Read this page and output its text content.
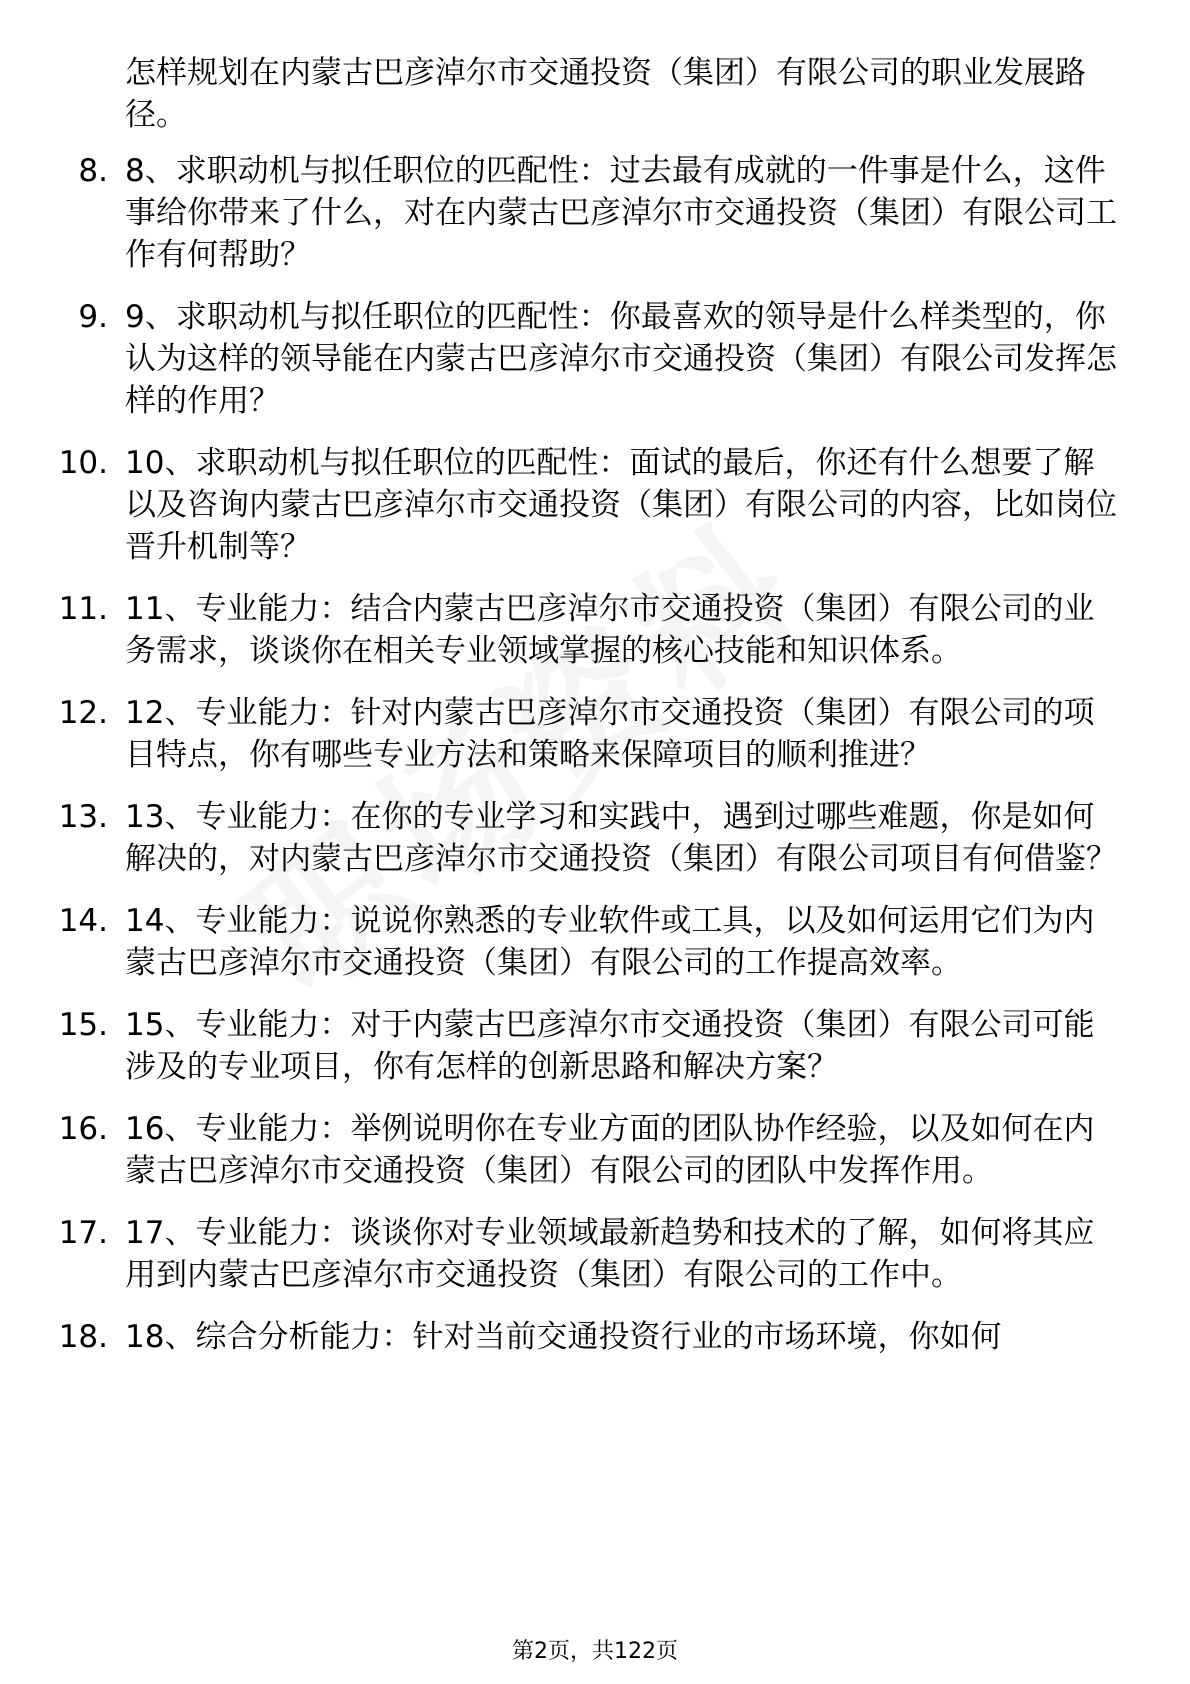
怎样规划在内蒙古巴彦淖尔市交通投资（集团）有限公司的职业发展路径。

8. 8、求职动机与拟任职位的匹配性：过去最有成就的一件事是什么，这件事给你带来了什么，对在内蒙古巴彦淖尔市交通投资（集团）有限公司工作有何帮助？
9. 9、求职动机与拟任职位的匹配性：你最喜欢的领导是什么样类型的，你认为这样的领导能在内蒙古巴彦淖尔市交通投资（集团）有限公司发挥怎样的作用？
10. 10、求职动机与拟任职位的匹配性：面试的最后，你还有什么想要了解以及咨询内蒙古巴彦淖尔市交通投资（集团）有限公司的内容，比如岗位晋升机制等？
11. 11、专业能力：结合内蒙古巴彦淖尔市交通投资（集团）有限公司的业务需求，谈谈你在相关专业领域掌握的核心技能和知识体系。
12. 12、专业能力：针对内蒙古巴彦淖尔市交通投资（集团）有限公司的项目特点，你有哪些专业方法和策略来保障项目的顺利推进？
13. 13、专业能力：在你的专业学习和实践中，遇到过哪些难题，你是如何解决的，对内蒙古巴彦淖尔市交通投资（集团）有限公司项目有何借鉴？
14. 14、专业能力：说说你熟悉的专业软件或工具，以及如何运用它们为内蒙古巴彦淖尔市交通投资（集团）有限公司的工作提高效率。
15. 15、专业能力：对于内蒙古巴彦淖尔市交通投资（集团）有限公司可能涉及的专业项目，你有怎样的创新思路和解决方案？
16. 16、专业能力：举例说明你在专业方面的团队协作经验，以及如何在内蒙古巴彦淖尔市交通投资（集团）有限公司的团队中发挥作用。
17. 17、专业能力：谈谈你对专业领域最新趋势和技术的了解，如何将其应用到内蒙古巴彦淖尔市交通投资（集团）有限公司的工作中。
18. 18、综合分析能力：针对当前交通投资行业的市场环境，你如何
第2页，共122页
